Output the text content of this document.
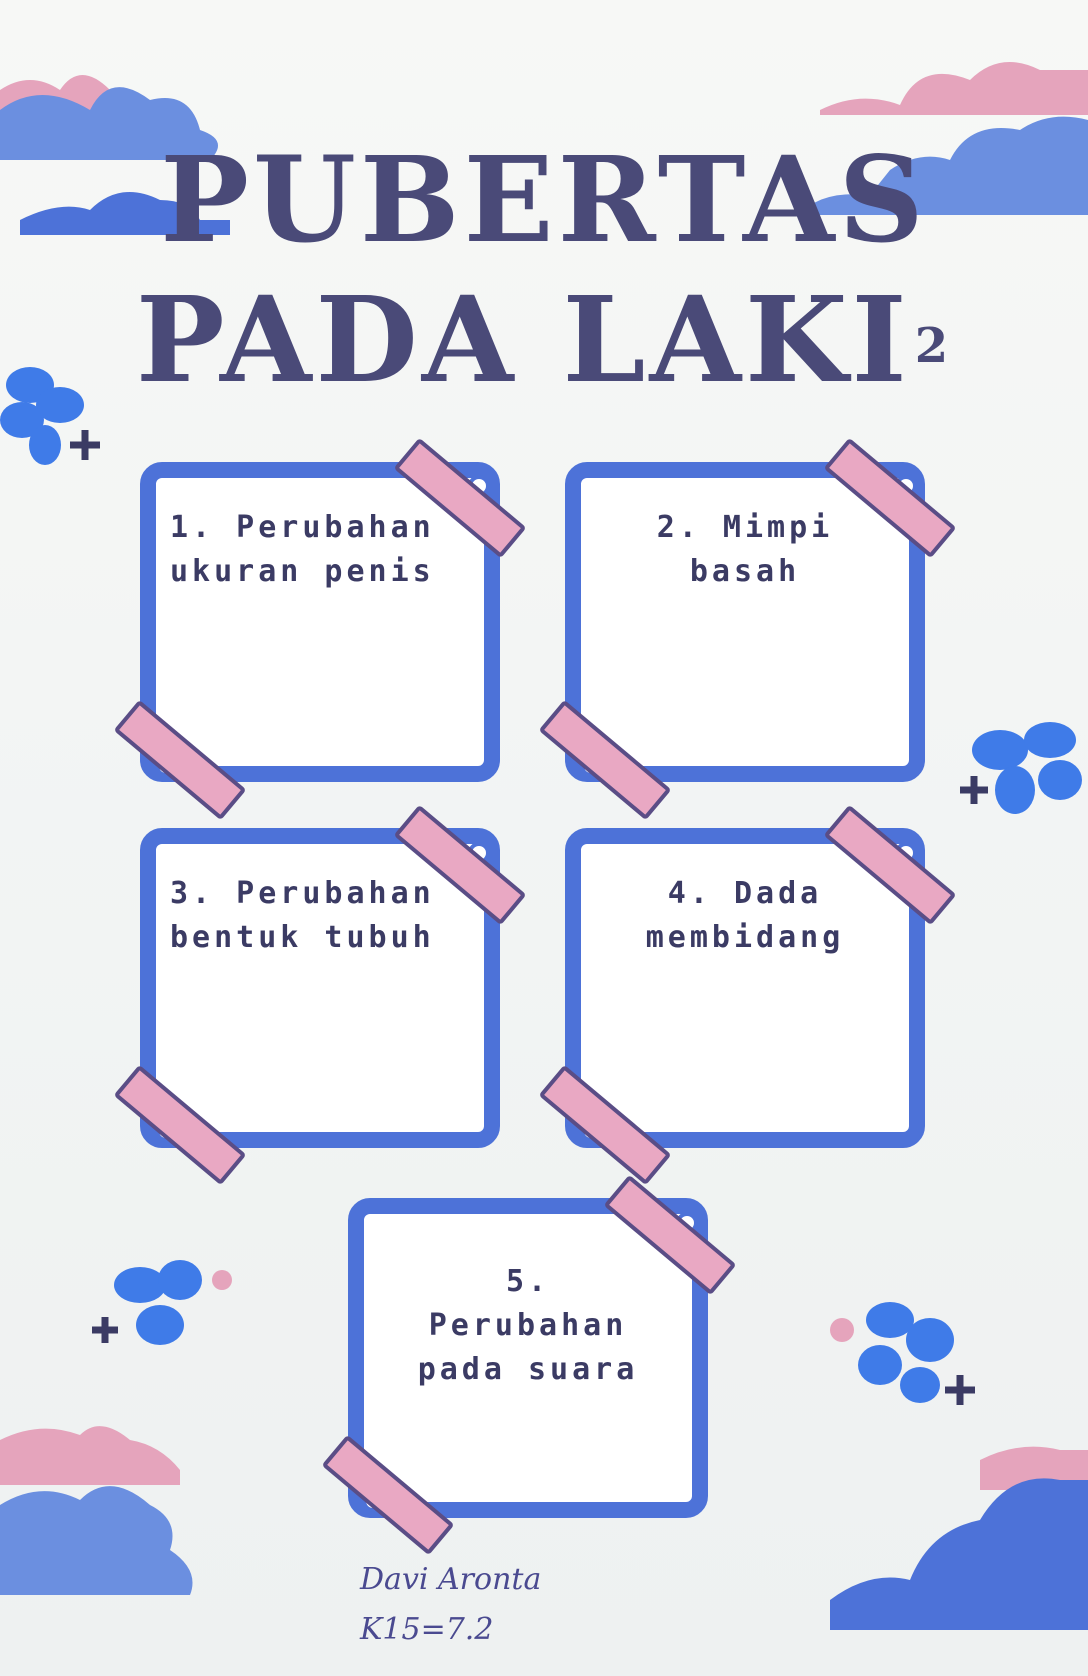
PUBERTAS
PADA LAKI$^2$
1. Perubahan
ukuran penis
2. Mimpi
basah
3. Perubahan
bentuk tubuh
4. Dada
membidang
5.
Perubahan
pada suara
Davi Aronta
K15=7.2
